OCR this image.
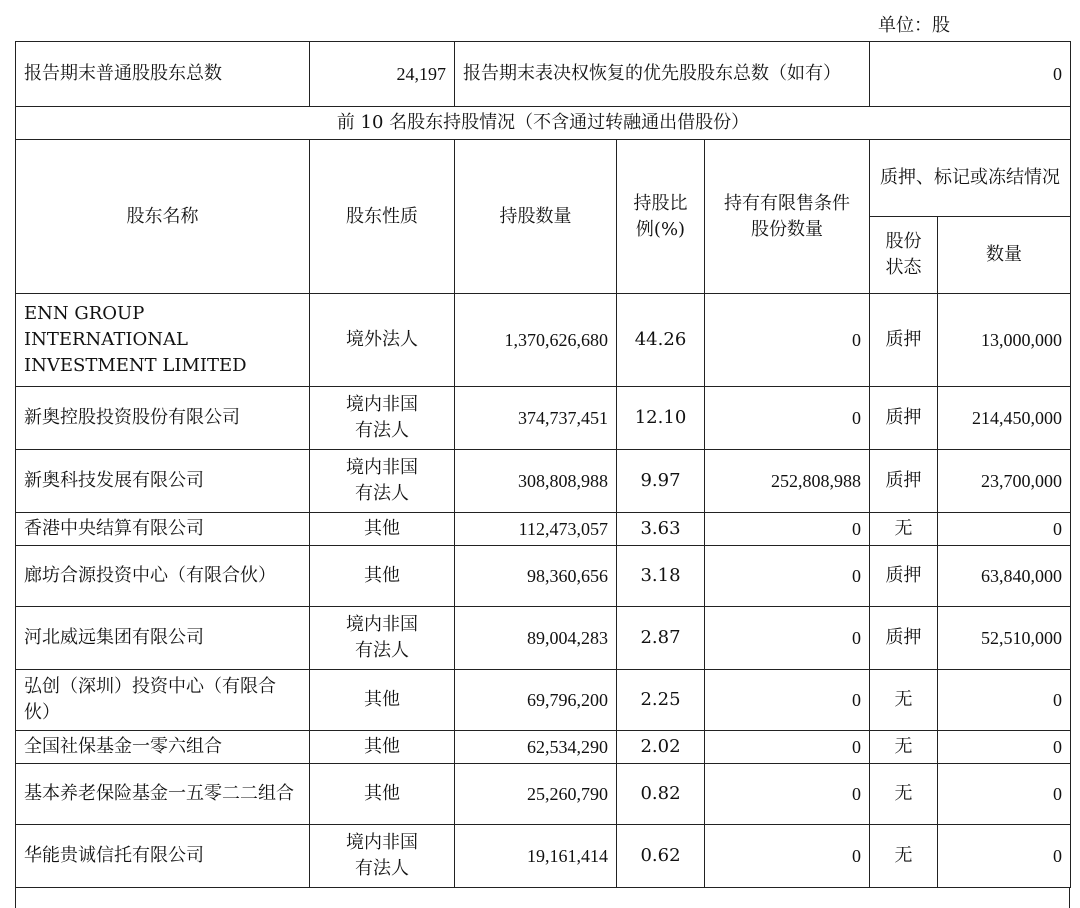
单位：股
报告期末普通股股东总数	24,197	报告期末表决权恢复的优先股股东总数（如有）			0	
前 10 名股东持股情况（不含通过转融通出借股份）						
股东名称	股东性质	持股数量	持股比例(%)	持有有限售条件股份数量	质押、标记或冻结情况	
					股份状态	数量
ENN GROUP INTERNATIONAL INVESTMENT LIMITED	境外法人	1,370,626,680	44.26	0	质押	13,000,000
新奥控股投资股份有限公司	境内非国有法人	374,737,451	12.10	0	质押	214,450,000
新奥科技发展有限公司	境内非国有法人	308,808,988	9.97	252,808,988	质押	23,700,000
香港中央结算有限公司	其他	112,473,057	3.63	0	无	0
廊坊合源投资中心（有限合伙）	其他	98,360,656	3.18	0	质押	63,840,000
河北威远集团有限公司	境内非国有法人	89,004,283	2.87	0	质押	52,510,000
弘创（深圳）投资中心（有限合伙）	其他	69,796,200	2.25	0	无	0
全国社保基金一零六组合	其他	62,534,290	2.02	0	无	0
基本养老保险基金一五零二二组合	其他	25,260,790	0.82	0	无	0
华能贵诚信托有限公司	境内非国有法人	19,161,414	0.62	0	无	0
